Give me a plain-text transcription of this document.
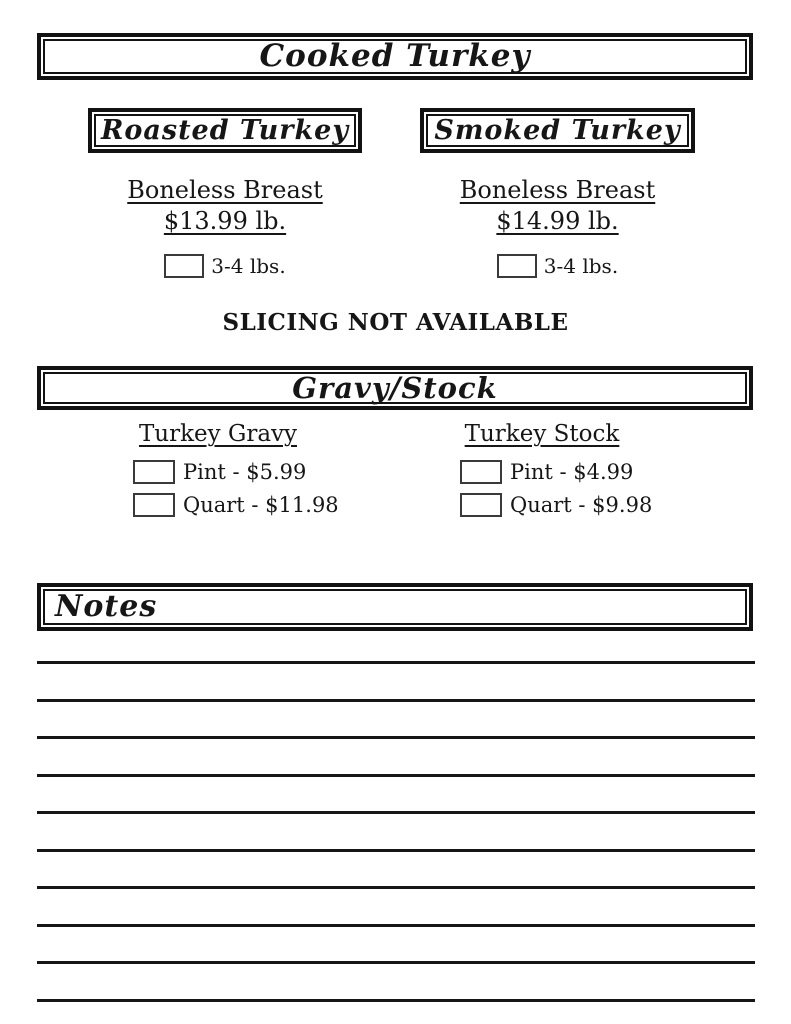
Cooked Turkey
Roasted Turkey	Smoked Turkey
Boneless Breast
$13.99 lb.
3-4 lbs.
Boneless Breast
$14.99 lb.
3-4 lbs.
SLICING NOT AVAILABLE
Gravy/Stock
Turkey Gravy
Pint - $5.99
Quart - $11.98
Turkey Stock
Pint - $4.99
Quart - $9.98
Notes
